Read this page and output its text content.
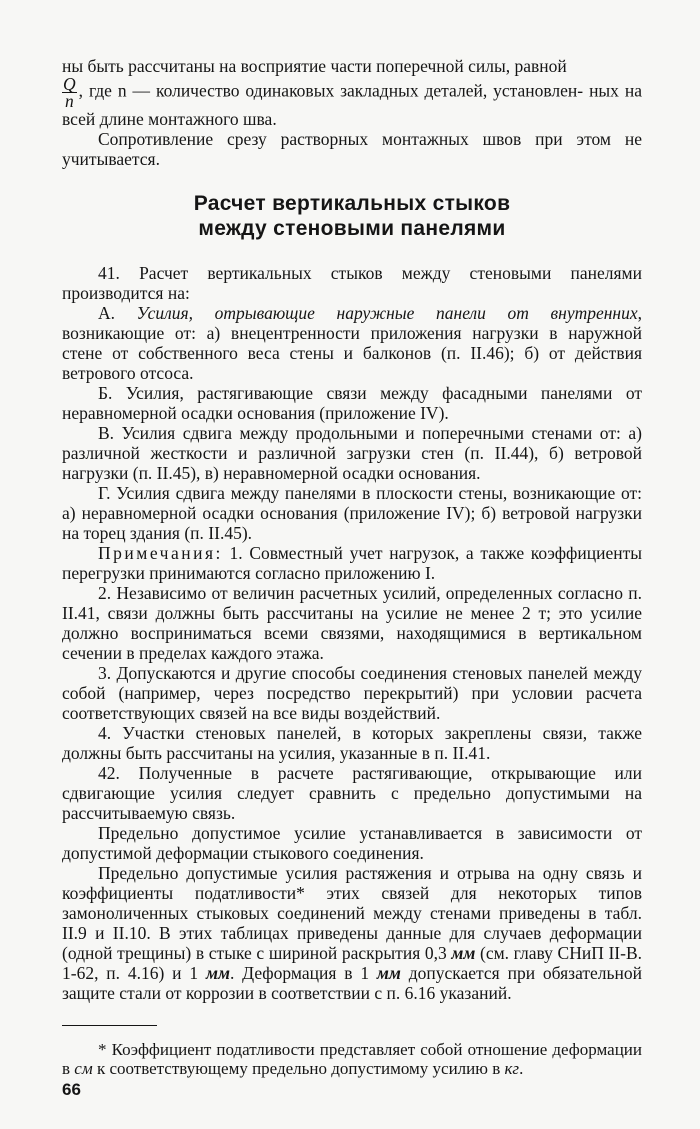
ны быть рассчитаны на восприятие части поперечной силы, равной

$\frac{Q}{n}$ , где n — количество одинаковых закладных деталей, установлен- ных на всей длине монтажного шва.

Сопротивление срезу растворных монтажных швов при этом не учитывается.

Расчет вертикальных стыков
между стеновыми панелями

41. Расчет вертикальных стыков между стеновыми панелями производится на:

А. Усилия, отрывающие наружные панели от внутренних, возникающие от: а) внецентренности приложения нагрузки в наружной стене от собственного веса стены и балконов (п. II.46); б) от действия ветрового отсоса.

Б. Усилия, растягивающие связи между фасадными панелями от неравномерной осадки основания (приложение IV).

В. Усилия сдвига между продольными и поперечными стенами от: а) различной жесткости и различной загрузки стен (п. II.44), б) ветровой нагрузки (п. II.45), в) неравномерной осадки основания.

Г. Усилия сдвига между панелями в плоскости стены, возникающие от: а) неравномерной осадки основания (приложение IV); б) ветровой нагрузки на торец здания (п. II.45).

Примечания: 1. Совместный учет нагрузок, а также коэффициенты перегрузки принимаются согласно приложению I.

2. Независимо от величин расчетных усилий, определенных согласно п. II.41, связи должны быть рассчитаны на усилие не менее 2 т; это усилие должно восприниматься всеми связями, находящимися в вертикальном сечении в пределах каждого этажа.

3. Допускаются и другие способы соединения стеновых панелей между собой (например, через посредство перекрытий) при условии расчета соответствующих связей на все виды воздействий.

4. Участки стеновых панелей, в которых закреплены связи, также должны быть рассчитаны на усилия, указанные в п. II.41.

42. Полученные в расчете растягивающие, открывающие или сдвигающие усилия следует сравнить с предельно допустимыми на рассчитываемую связь.

Предельно допустимое усилие устанавливается в зависимости от допустимой деформации стыкового соединения.

Предельно допустимые усилия растяжения и отрыва на одну связь и коэффициенты податливости* этих связей для некоторых типов замоноличенных стыковых соединений между стенами приведены в табл. II.9 и II.10. В этих таблицах приведены данные для случаев деформации (одной трещины) в стыке с шириной раскрытия 0,3 мм (см. главу СНиП II-В. 1-62, п. 4.16) и 1 мм. Деформация в 1 мм допускается при обязательной защите стали от коррозии в соответствии с п. 6.16 указаний.

* Коэффициент податливости представляет собой отношение деформации в см к соответствующему предельно допустимому усилию в кг.

66
